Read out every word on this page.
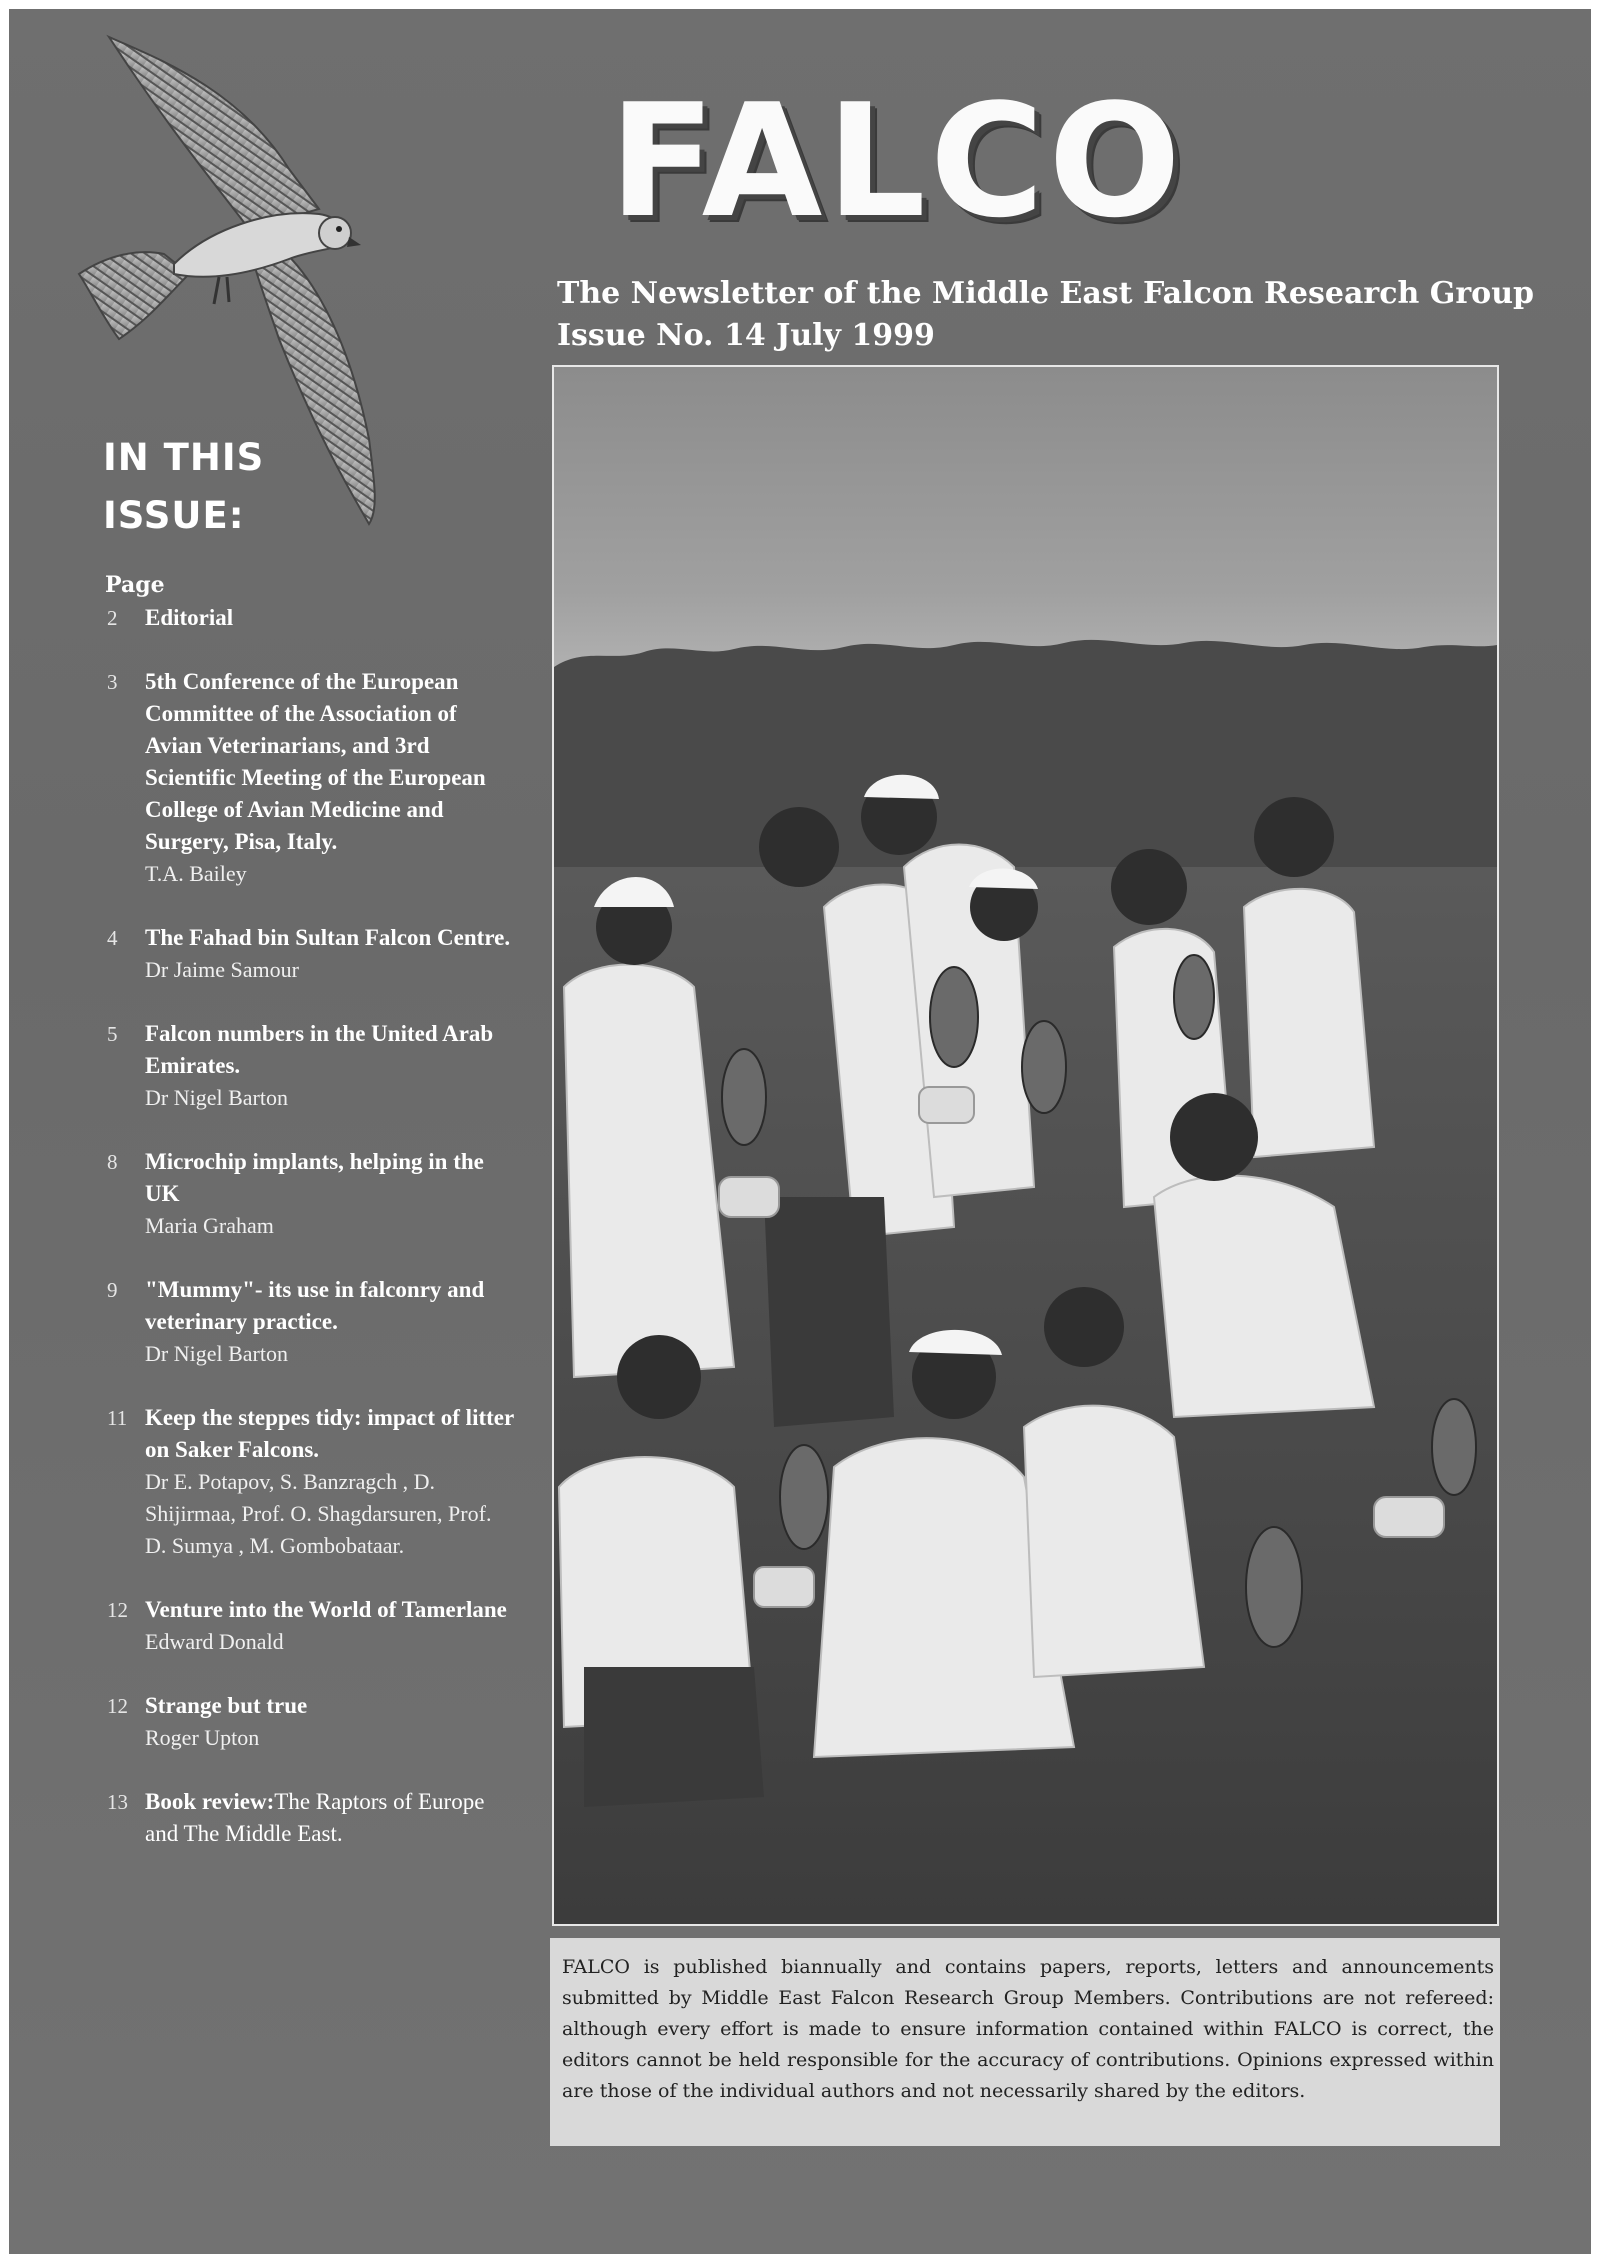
FALCO
The Newsletter of the Middle East Falcon Research Group
Issue No. 14 July 1999
IN THIS
ISSUE:
Page
2 Editorial
3 5th Conference of the European Committee of the Association of Avian Veterinarians, and 3rd Scientific Meeting of the European College of Avian Medicine and Surgery, Pisa, Italy.
T.A. Bailey
4 The Fahad bin Sultan Falcon Centre.
Dr Jaime Samour
5 Falcon numbers in the United Arab Emirates.
Dr Nigel Barton
8 Microchip implants, helping in the UK
Maria Graham
9 "Mummy"- its use in falconry and veterinary practice.
Dr Nigel Barton
11 Keep the steppes tidy: impact of litter on Saker Falcons.
Dr E. Potapov, S. Banzragch , D. Shijirmaa, Prof. O. Shagdarsuren, Prof. D. Sumya , M. Gombobataar.
12 Venture into the World of Tamerlane
Edward Donald
12 Strange but true
Roger Upton
13 Book review:The Raptors of Europe and The Middle East.

FALCO is published biannually and contains papers, reports, letters and announcements submitted by Middle East Falcon Research Group Members. Contributions are not refereed: although every effort is made to ensure information contained within FALCO is correct, the editors cannot be held responsible for the accuracy of contributions. Opinions expressed within are those of the individual authors and not necessarily shared by the editors.
